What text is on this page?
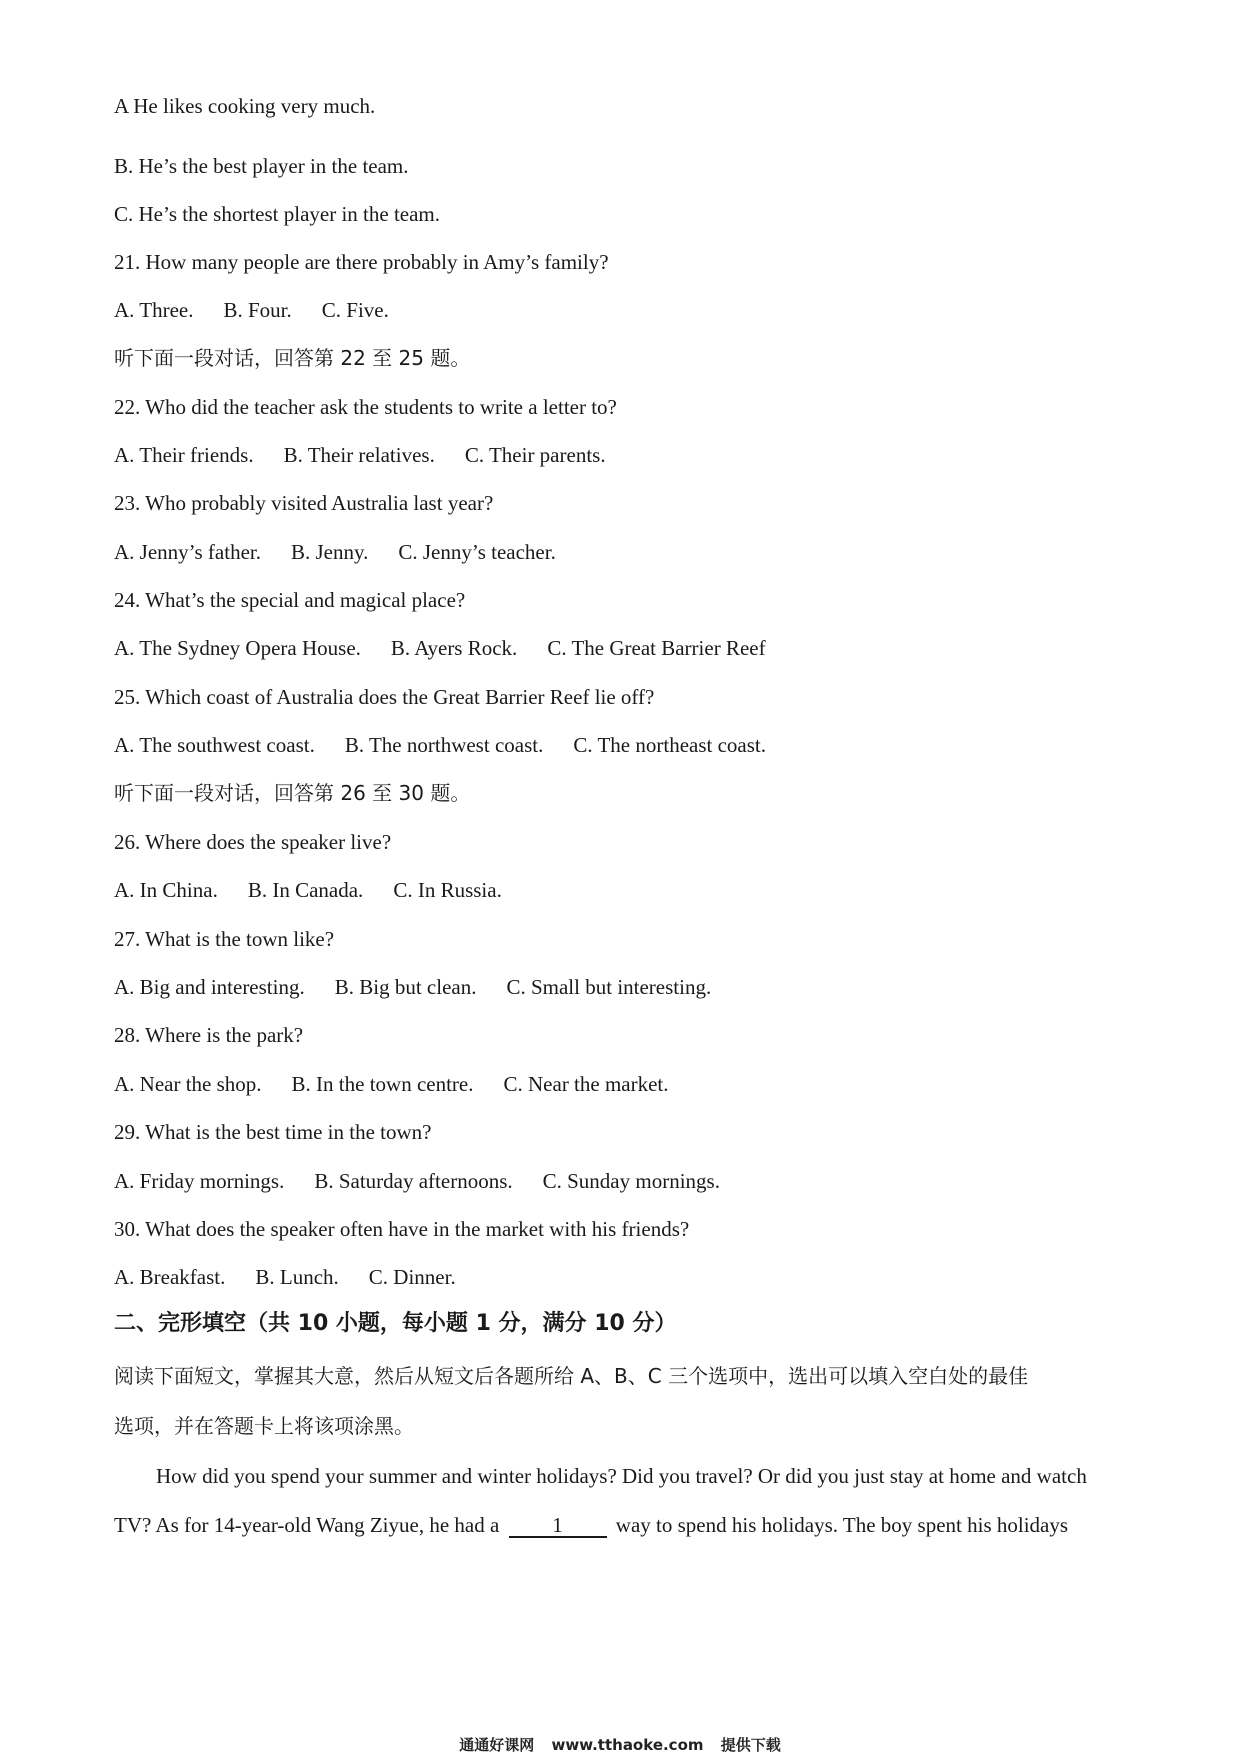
A He likes cooking very much.
B. He’s the best player in the team.
C. He’s the shortest player in the team.
21. How many people are there probably in Amy’s family?
A. Three. B. Four. C. Five.
听下面一段对话，回答第 22 至 25 题。
22. Who did the teacher ask the students to write a letter to?
A. Their friends. B. Their relatives. C. Their parents.
23. Who probably visited Australia last year?
A. Jenny’s father. B. Jenny. C. Jenny’s teacher.
24. What’s the special and magical place?
A. The Sydney Opera House. B. Ayers Rock. C. The Great Barrier Reef
25. Which coast of Australia does the Great Barrier Reef lie off?
A. The southwest coast. B. The northwest coast. C. The northeast coast.
听下面一段对话，回答第 26 至 30 题。
26. Where does the speaker live?
A. In China. B. In Canada. C. In Russia.
27. What is the town like?
A. Big and interesting. B. Big but clean. C. Small but interesting.
28. Where is the park?
A. Near the shop. B. In the town centre. C. Near the market.
29. What is the best time in the town?
A. Friday mornings. B. Saturday afternoons. C. Sunday mornings.
30. What does the speaker often have in the market with his friends?
A. Breakfast. B. Lunch. C. Dinner.
二、完形填空（共 10 小题，每小题 1 分，满分 10 分）
阅读下面短文，掌握其大意，然后从短文后各题所给 A、B、C 三个选项中，选出可以填入空白处的最佳
选项，并在答题卡上将该项涂黑。
How did you spend your summer and winter holidays? Did you travel? Or did you just stay at home and watch
TV? As for 14-year-old Wang Ziyue, he had a	1	way to spend his holidays. The boy spent his holidays
通通好课网 www.tthaoke.com 提供下载
